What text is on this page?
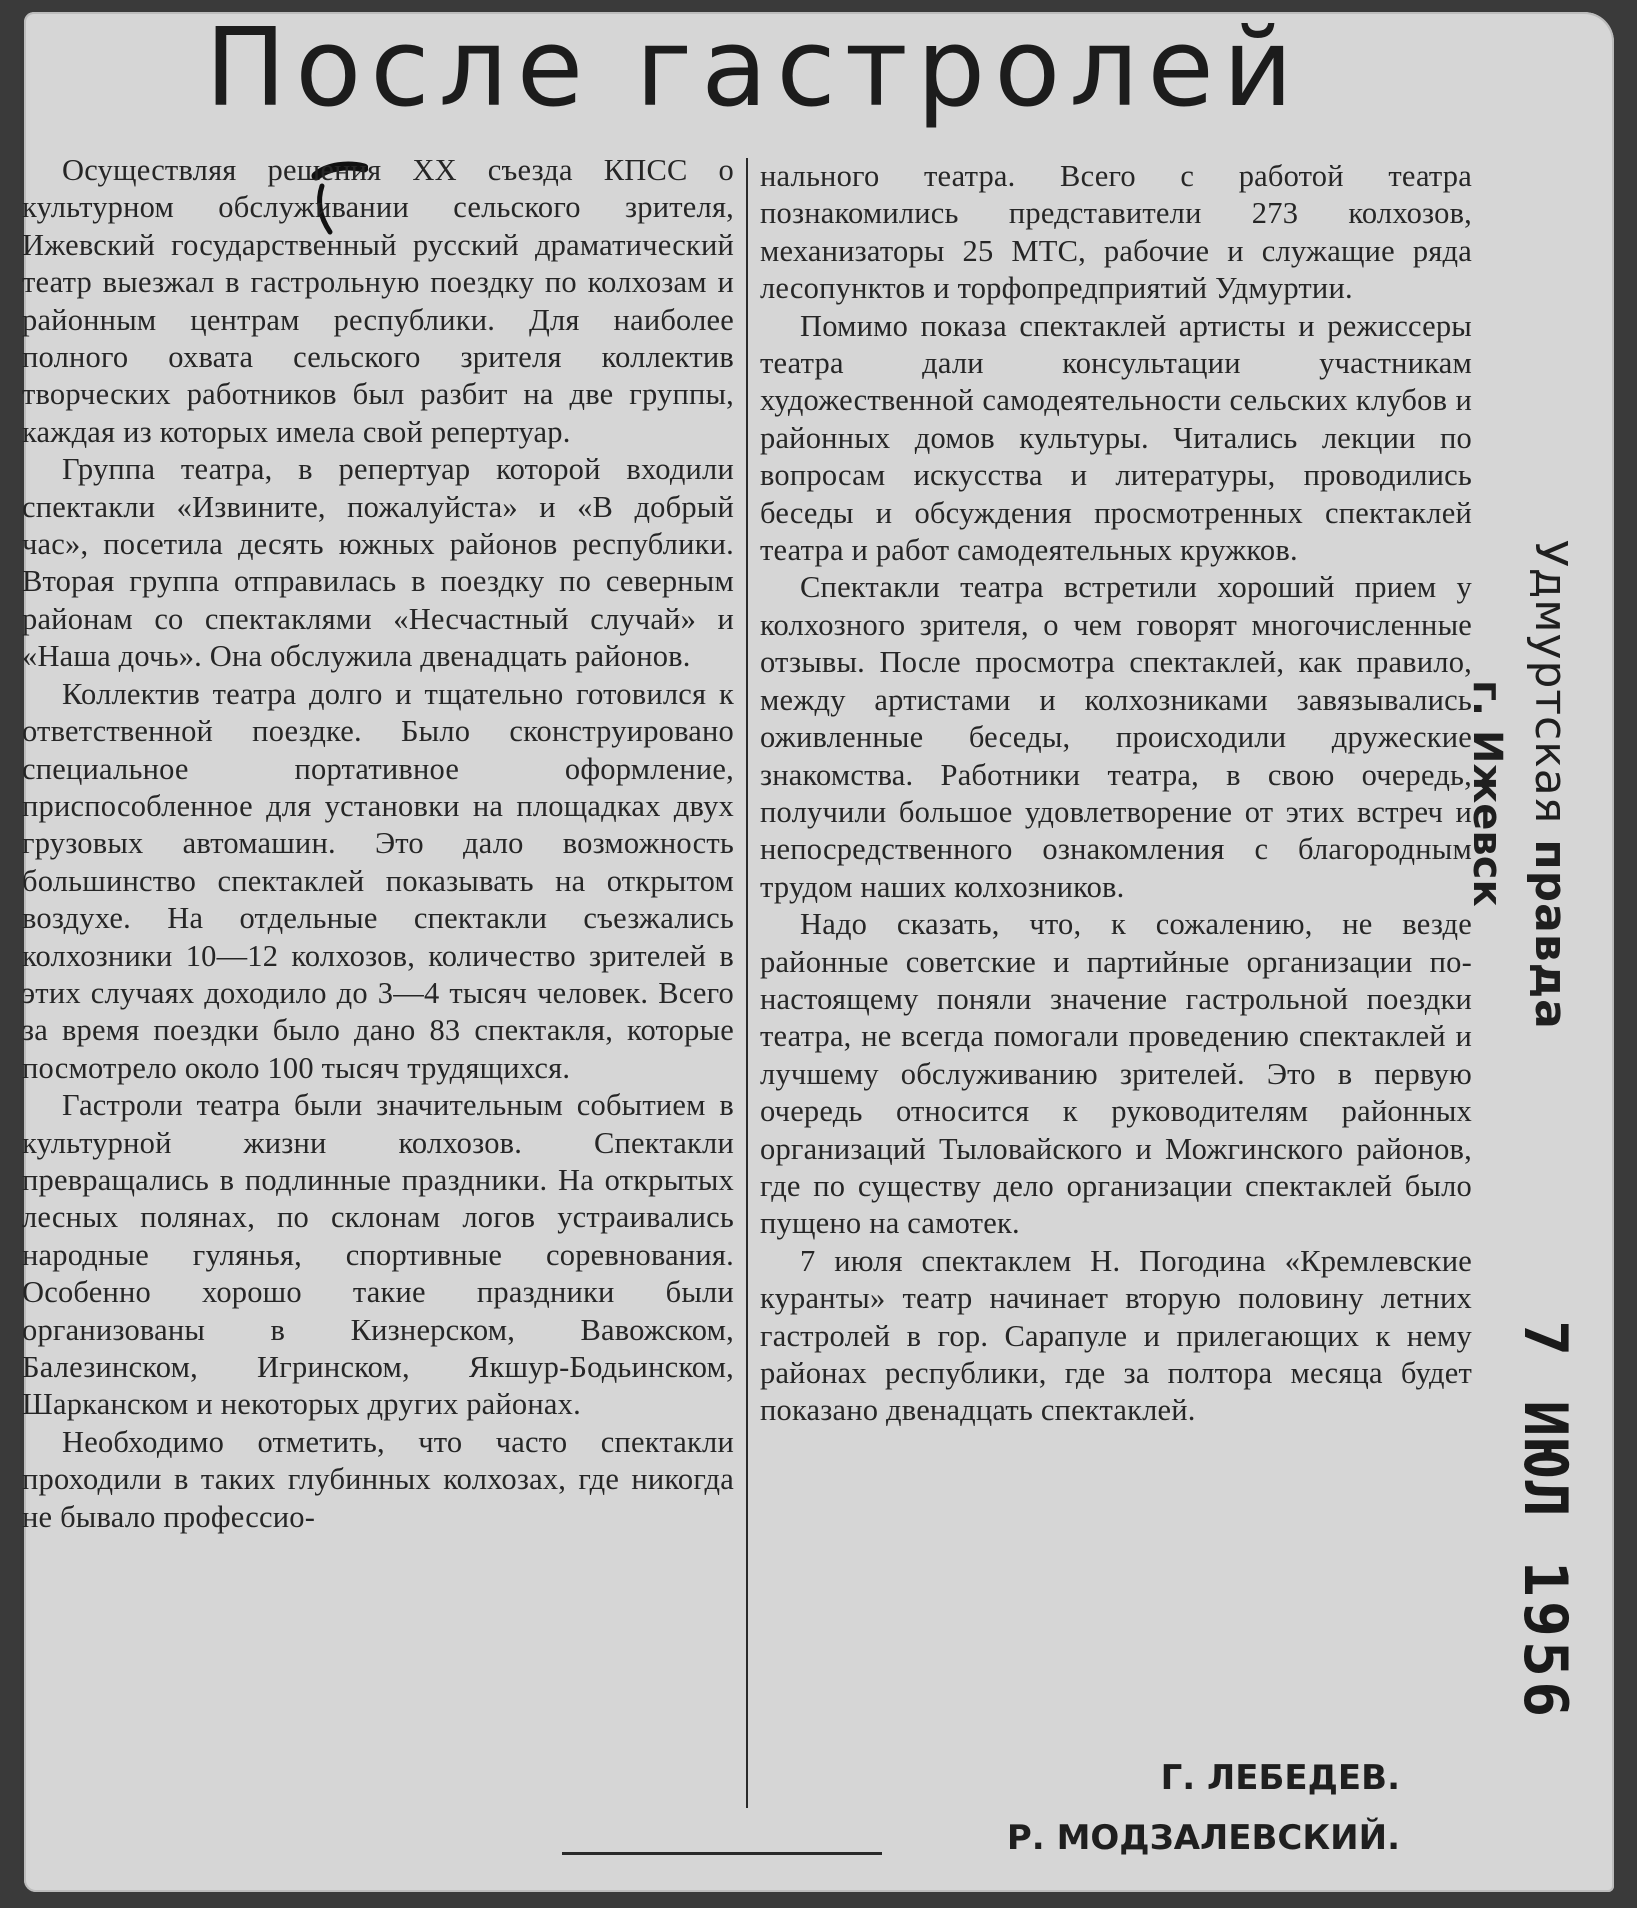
После гастролей

Осуществляя решения XX съезда КПСС о культурном обслуживании сельского зрителя, Ижевский государственный русский драматический театр выезжал в гастрольную поездку по колхозам и районным центрам республики. Для наиболее полного охвата сельского зрителя коллектив творческих работников был разбит на две группы, каждая из которых имела свой репертуар.

Группа театра, в репертуар которой входили спектакли «Извините, пожалуйста» и «В добрый час», посетила десять южных районов республики. Вторая группа отправилась в поездку по северным районам со спектаклями «Несчастный случай» и «Наша дочь». Она обслужила двенадцать районов.

Коллектив театра долго и тщательно готовился к ответственной поездке. Было сконструировано специальное портативное оформление, приспособленное для установки на площадках двух грузовых автомашин. Это дало возможность большинство спектаклей показывать на открытом воздухе. На отдельные спектакли съезжались колхозники 10—12 колхозов, количество зрителей в этих случаях доходило до 3—4 тысяч человек. Всего за время поездки было дано 83 спектакля, которые посмотрело около 100 тысяч трудящихся.

Гастроли театра были значительным событием в культурной жизни колхозов. Спектакли превращались в подлинные праздники. На открытых лесных полянах, по склонам логов устраивались народные гулянья, спортивные соревнования. Особенно хорошо такие праздники были организованы в Кизнерском, Вавожском, Балезинском, Игринском, Якшур-Бодьинском, Шарканском и некоторых других районах.

Необходимо отметить, что часто спектакли проходили в таких глубинных колхозах, где никогда не бывало профессио-

нального театра. Всего с работой театра познакомились представители 273 колхозов, механизаторы 25 МТС, рабочие и служащие ряда лесопунктов и торфопредприятий Удмуртии.

Помимо показа спектаклей артисты и режиссеры театра дали консультации участникам художественной самодеятельности сельских клубов и районных домов культуры. Читались лекции по вопросам искусства и литературы, проводились беседы и обсуждения просмотренных спектаклей театра и работ самодеятельных кружков.

Спектакли театра встретили хороший прием у колхозного зрителя, о чем говорят многочисленные отзывы. После просмотра спектаклей, как правило, между артистами и колхозниками завязывались оживленные беседы, происходили дружеские знакомства. Работники театра, в свою очередь, получили большое удовлетворение от этих встреч и непосредственного ознакомления с благородным трудом наших колхозников.

Надо сказать, что, к сожалению, не везде районные советские и партийные организации по-настоящему поняли значение гастрольной поездки театра, не всегда помогали проведению спектаклей и лучшему обслуживанию зрителей. Это в первую очередь относится к руководителям районных организаций Тыловайского и Можгинского районов, где по существу дело организации спектаклей было пущено на самотек.

7 июля спектаклем Н. Погодина «Кремлевские куранты» театр начинает вторую половину летних гастролей в гор. Сарапуле и прилегающих к нему районах республики, где за полтора месяца будет показано двенадцать спектаклей.

Г. ЛЕБЕДЕВ.
Р. МОДЗАЛЕВСКИЙ.
Удмуртская правда
г. Ижевск
7 ИЮЛ 1956
